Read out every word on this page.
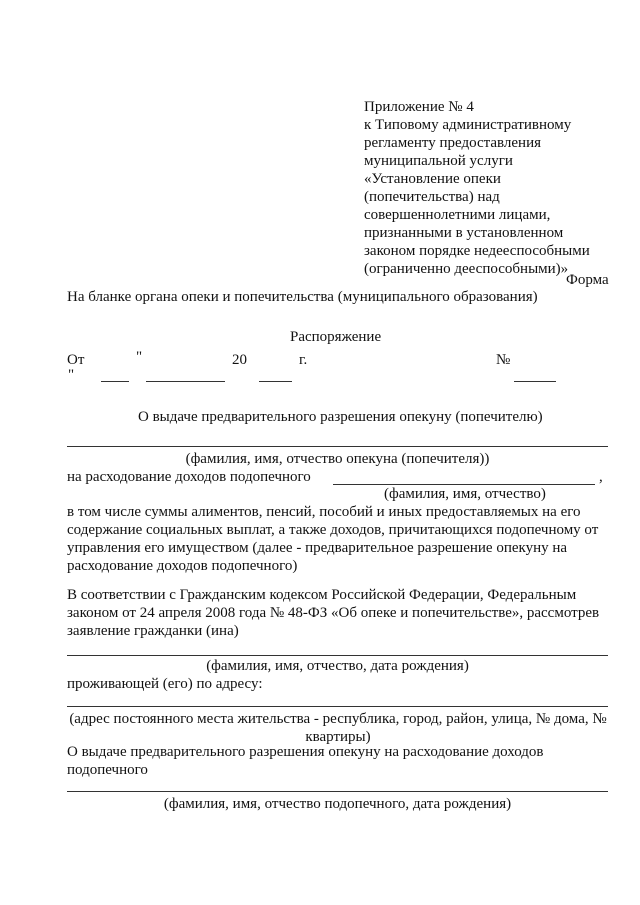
Приложение № 4
к Типовому административному
регламенту предоставления
муниципальной услуги
«Установление опеки
(попечительства) над
совершеннолетними лицами,
признанными в установленном
законом порядке недееспособными
(ограниченно дееспособными)»
Форма
На бланке органа опеки и попечительства (муниципального образования)
Распоряжение
От	"
"
20	г.	№
О выдаче предварительного разрешения опекуну (попечителю)
(фамилия, имя, отчество опекуна (попечителя))
на расходование доходов подопечного	,
(фамилия, имя, отчество)
в том числе суммы алиментов, пенсий, пособий и иных предоставляемых на его
содержание социальных выплат, а также доходов, причитающихся подопечному от
управления его имуществом (далее - предварительное разрешение опекуну на
расходование доходов подопечного)
В соответствии с Гражданским кодексом Российской Федерации, Федеральным
законом от 24 апреля 2008 года № 48-ФЗ «Об опеке и попечительстве», рассмотрев
заявление гражданки (ина)
(фамилия, имя, отчество, дата рождения)
проживающей (его) по адресу:
(адрес постоянного места жительства - республика, город, район, улица, № дома, №
квартиры)
О выдаче предварительного разрешения опекуну на расходование доходов
подопечного
(фамилия, имя, отчество подопечного, дата рождения)
